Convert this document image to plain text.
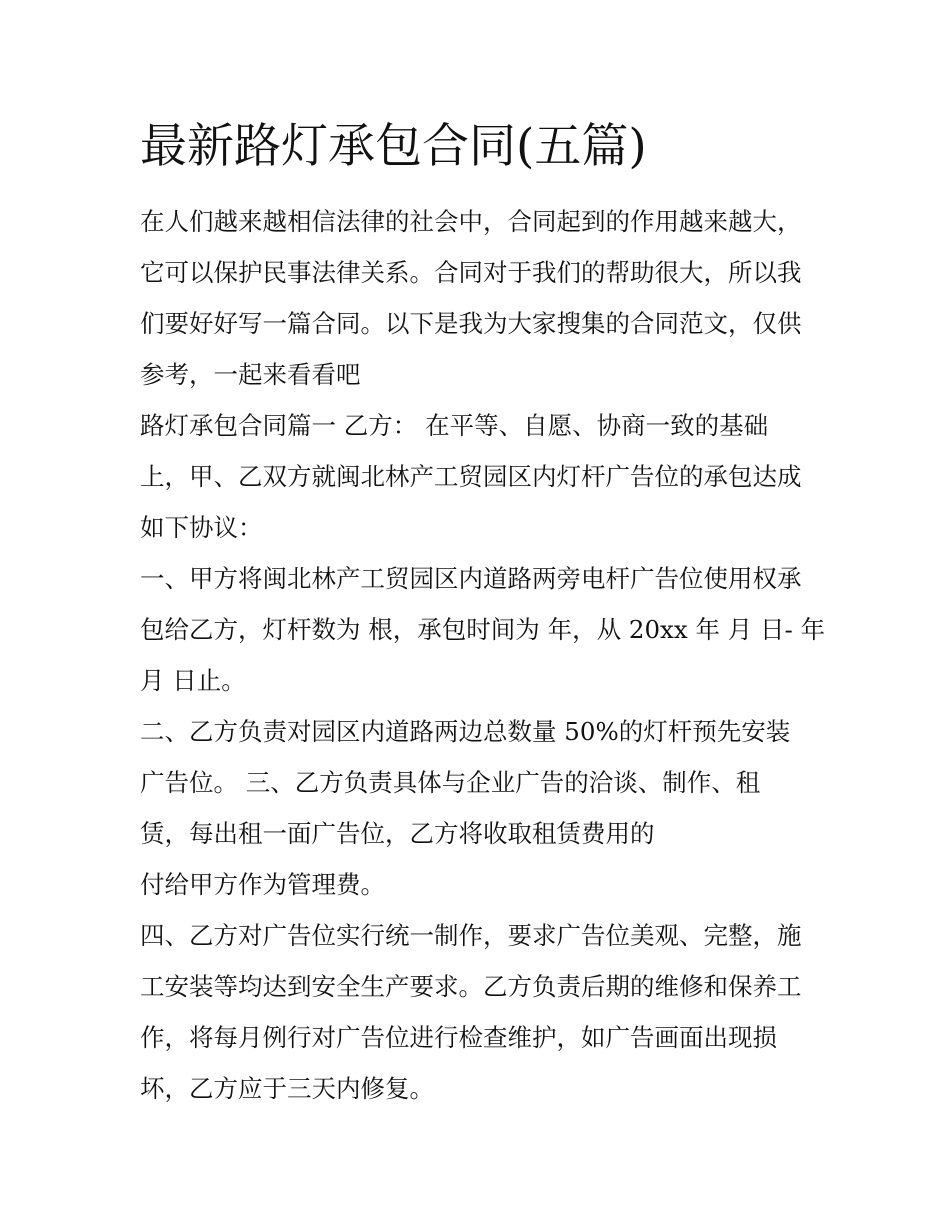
最新路灯承包合同(五篇)

在人们越来越相信法律的社会中，合同起到的作用越来越大，

它可以保护民事法律关系。合同对于我们的帮助很大，所以我

们要好好写一篇合同。以下是我为大家搜集的合同范文，仅供

参考，一起来看看吧

路灯承包合同篇一 乙方： 在平等、自愿、协商一致的基础

上，甲、乙双方就闽北林产工贸园区内灯杆广告位的承包达成

如下协议：

一、甲方将闽北林产工贸园区内道路两旁电杆广告位使用权承

包给乙方，灯杆数为 根，承包时间为 年，从 20xx 年 月 日- 年

月 日止。

二、乙方负责对园区内道路两边总数量 50%的灯杆预先安装

广告位。 三、乙方负责具体与企业广告的洽谈、制作、租

赁，每出租一面广告位，乙方将收取租赁费用的

付给甲方作为管理费。

四、乙方对广告位实行统一制作，要求广告位美观、完整，施

工安装等均达到安全生产要求。乙方负责后期的维修和保养工

作，将每月例行对广告位进行检查维护，如广告画面出现损

坏，乙方应于三天内修复。
